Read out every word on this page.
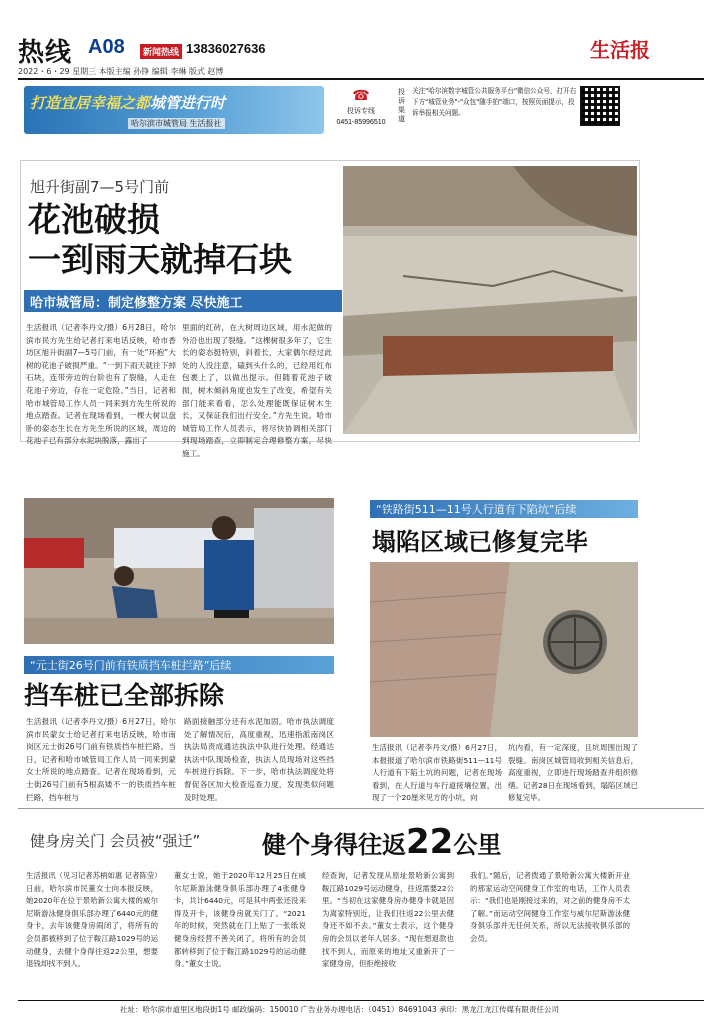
热线 A08	新闻热线 13836027636	生活报
2022・6・29 星期三 本版主编 孙铮 编辑 李琳 版式 赵博
打造宜居幸福之都城管进行时
哈尔滨市城管局 生活报社
☎
投诉专线
0451-85996510
投诉渠道
关注"哈尔滨数字城管公共服务平台"微信公众号，打开右下方"城管业务"-"众包"随手拍"端口，按照页面提示，投诉举报相关问题。
旭升街副7—5号门前
花池破损
一到雨天就掉石块
哈市城管局：制定修整方案 尽快施工
生活报讯（记者李丹文/摄）6月28日，哈尔滨市民方先生给记者打来电话反映，哈市香坊区旭升街副7—5号门前，有一处“环抱”大树的花池子破损严重。“一到下雨天就往下掉石块，连带旁边的台阶也有了裂缝，人走在花池子旁边，存在一定危险。”当日，记者和哈市城管局工作人员一同来到方先生所说的地点踏查。记者在现场看到，一棵大树以盘卧的姿态生长在方先生所说的区域，周边的花池子已有部分水泥块脱落，露出了
里面的红砖，在大树周边区域，用水泥做的外沿也出现了裂缝。“这棵树很多年了，它生长的姿态挺特别，斜着长，大家偶尔经过此处的人没注意，磕到头什么的，已经用红布包裹上了，以做出提示。但随着花池子破损，树木倾斜角度也发生了改变，希望有关部门能来看看，怎么处理能既保证树木生长，又保证我们出行安全。”方先生说。哈市城管局工作人员表示，将尽快协调相关部门到现场踏查，立即制定合理修整方案，尽快施工。
“元士街26号门前有铁质挡车桩拦路”后续
挡车桩已全部拆除
生活报讯（记者李丹文/摄）6月27日，哈尔滨市民蒙女士给记者打来电话反映，哈市南岗区元士街26号门前有铁质挡车桩拦路。当日，记者和哈市城管局工作人员一同来到蒙女士所说的地点踏查。记者在现场看到，元士街26号门前有5根高矮不一的铁质挡车桩拦路，挡车桩与
路面接触部分还有水泥加固。哈市执法调度处了解情况后，高度重视，迅速指派南岗区执法局责成通达执法中队进行处理。经通达执法中队现场检查，执法人员现场对这些挡车桩进行拆除。下一步，哈市执法调度处将督促各区加大检查巡查力度，发现类似问题及时处理。
“铁路街511—11号人行道有下陷坑”后续
塌陷区域已修复完毕
生活报讯（记者李丹文/摄）6月27日，本报报道了哈尔滨市铁路街511—11号人行道有下陷土坑的问题，记者在现场看到，在人行道与车行道接壤位置，出现了一个20厘米见方的小坑，向
坑内看，有一定深度，且坑周围出现了裂缝。南岗区城管局收到相关信息后，高度重视，立即进行现场踏查并组织修缮。记者28日在现场看到，塌陷区域已修复完毕。
健身房关门 会员被“强迁”	健个身得往返22公里
生活报讯（见习记者苏柄如惠 记者陈莹）日前，哈尔滨市民董女士向本报反映，她2020年在位于景哈新公寓大楼的威尔尼斯游泳健身俱乐部办理了6440元的健身卡，去年该健身房闹闭了，将所有的会员都被移到了位于鞍江路1029号的运动健身，去健个身得往返22公里，想要退钱却找不到人。
董女士说，她于2020年12月25日在威尔尼斯游泳健身俱乐部办理了4张健身卡，共计6440元，可是其中两张还没来得及开卡，该健身房就关门了。“2021年的时候，突然就在门上贴了一张纸说健身房经营不善关闭了，将所有的会员都转移到了位于鞍江路1029号的运动健身。”董女士说。
经查询，记者发现从原址景哈新公寓到鞍江路1029号运动健身，往返需要22公里。“当初在这家健身房办健身卡就是因为离家特别近，让我们往返22公里去健身还不如不去。”董女士表示，这个健身房的会员以老年人居多。“现在想退款也找不到人，而原来的地址又重新开了一家健身房，但拒绝接收
我们。”随后，记者拨通了景哈新公寓大楼新开业的那家运动空间健身工作室的电话，工作人员表示：“我们也是刚接过来的，对之前的健身房不太了解。”而运动空间健身工作室与威尔尼斯游泳健身俱乐部并无任何关系，所以无法接收俱乐部的会员。
社址：哈尔滨市道里区地段街1号 邮政编码：150010 广告业务办理电话：（0451）84691043 承印：黑龙江龙江传媒有限责任公司
